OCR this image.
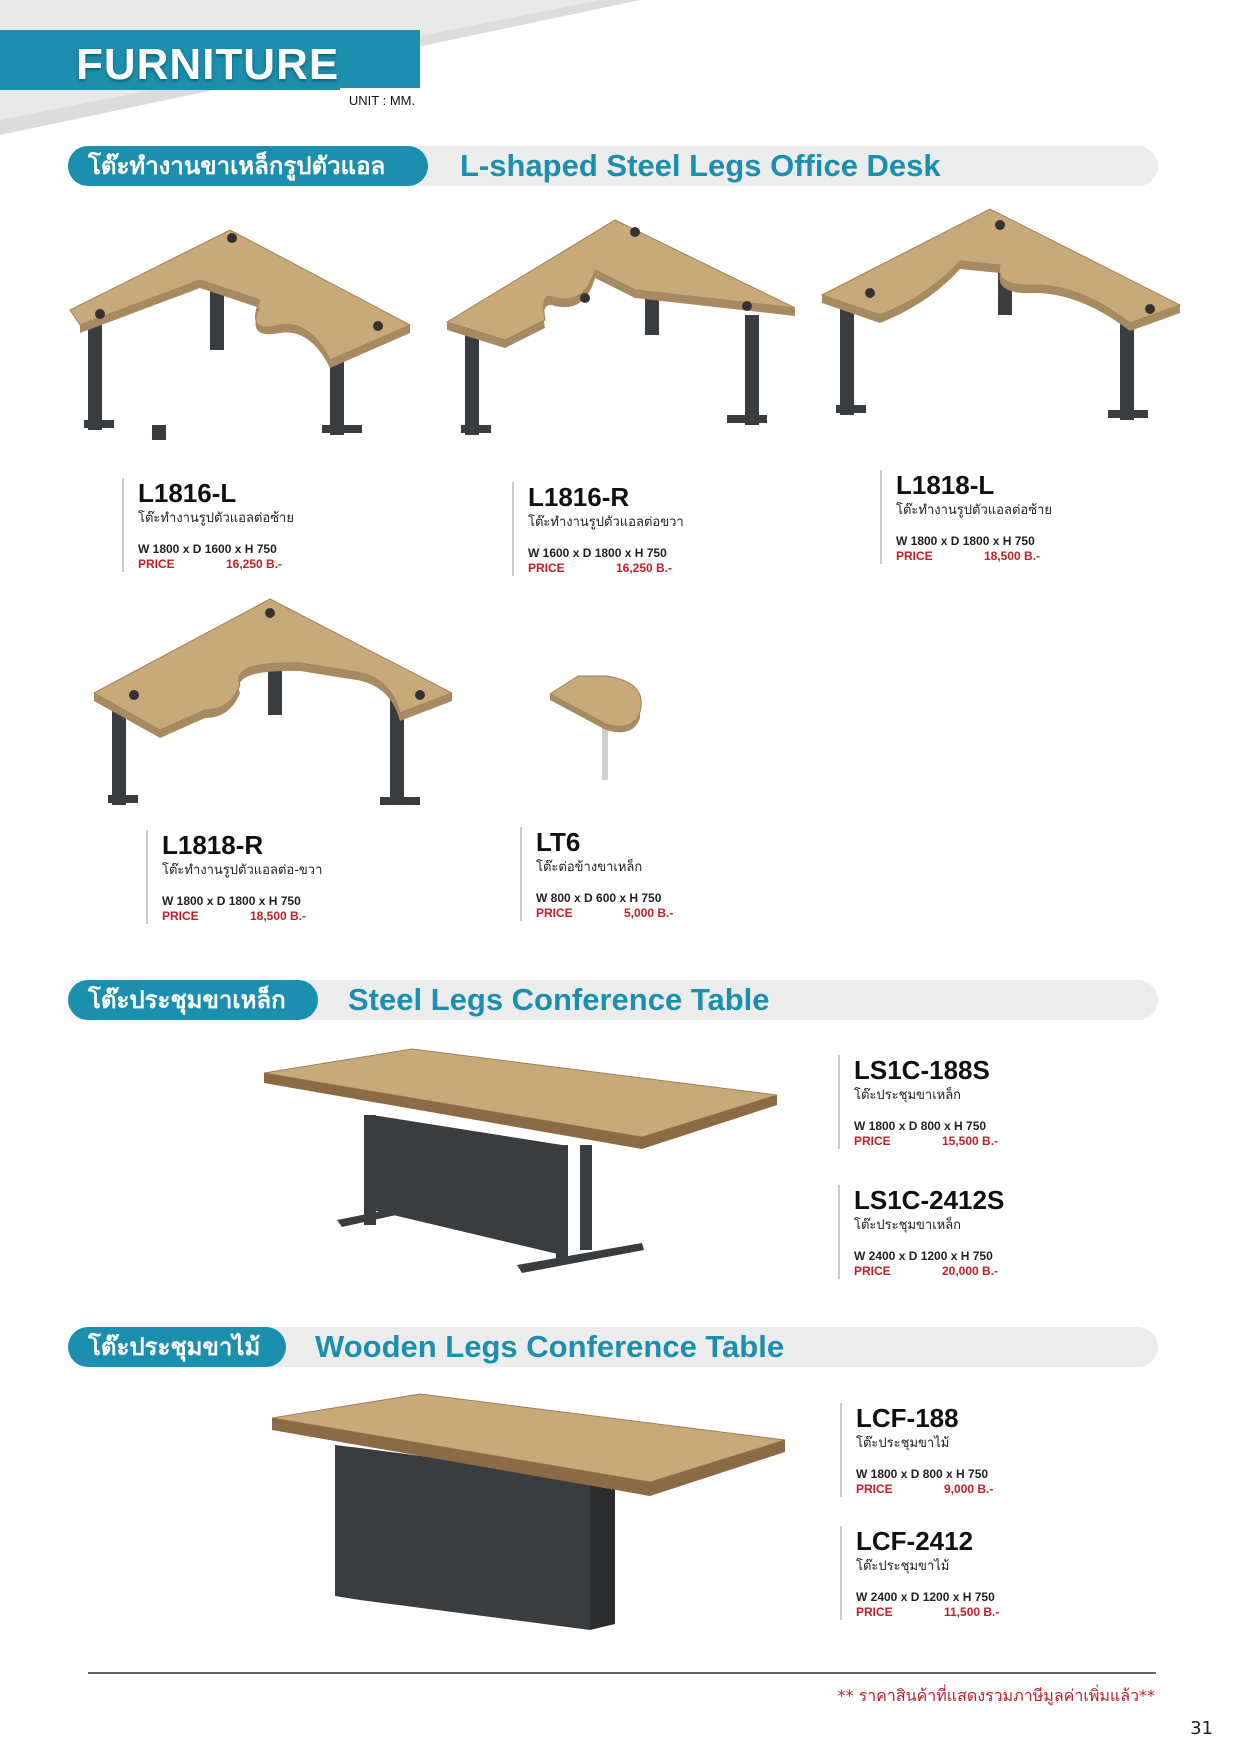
FURNITURE
UNIT : MM.
โต๊ะทำงานขาเหล็กรูปตัวแอล	L-shaped Steel Legs Office Desk
L1816-L
โต๊ะทำงานรูปตัวแอลต่อซ้าย
W 1800 x D 1600 x H 750
PRICE	16,250 B.-
L1816-R
โต๊ะทำงานรูปตัวแอลต่อขวา
W 1600 x D 1800 x H 750
PRICE	16,250 B.-
L1818-L
โต๊ะทำงานรูปตัวแอลต่อซ้าย
W 1800 x D 1800 x H 750
PRICE	18,500 B.-
L1818-R
โต๊ะทำงานรูปตัวแอลต่อ-ขวา
W 1800 x D 1800 x H 750
PRICE	18,500 B.-
LT6
โต๊ะต่อข้างขาเหล็ก
W 800 x D 600 x H 750
PRICE	5,000 B.-
โต๊ะประชุมขาเหล็ก	Steel Legs Conference Table
LS1C-188S
โต๊ะประชุมขาเหล็ก
W 1800 x D 800 x H 750
PRICE	15,500 B.-
LS1C-2412S
โต๊ะประชุมขาเหล็ก
W 2400 x D 1200 x H 750
PRICE	20,000 B.-
โต๊ะประชุมขาไม้	Wooden Legs Conference Table
LCF-188
โต๊ะประชุมขาไม้
W 1800 x D 800 x H 750
PRICE	9,000 B.-
LCF-2412
โต๊ะประชุมขาไม้
W 2400 x D 1200 x H 750
PRICE	11,500 B.-
** ราคาสินค้าที่แสดงรวมภาษีมูลค่าเพิ่มแล้ว**
31
